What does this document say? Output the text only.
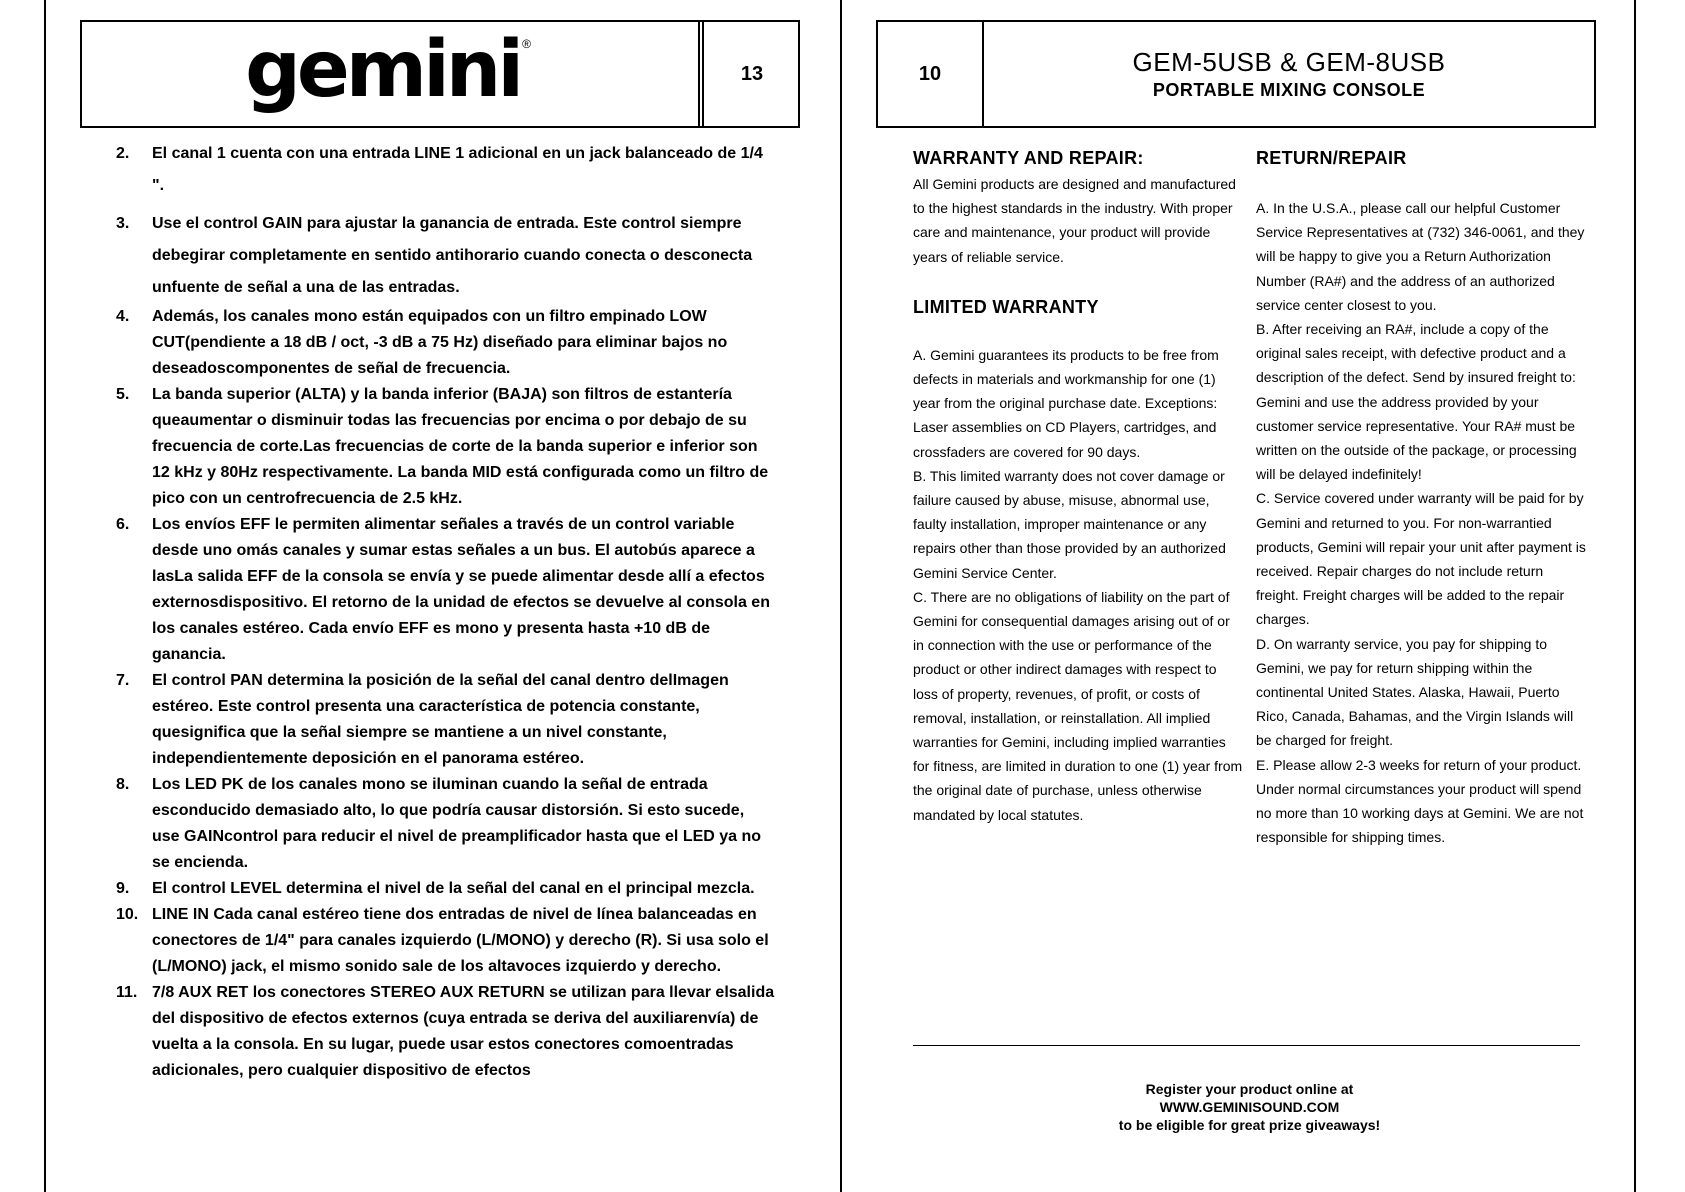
gemini ®
13
2. El canal 1 cuenta con una entrada LINE 1 adicional en un jack balanceado de 1/4 ".
3. Use el control GAIN para ajustar la ganancia de entrada. Este control siempre debegirar completamente en sentido antihorario cuando conecta o desconecta unfuente de señal a una de las entradas.
4. Además, los canales mono están equipados con un filtro empinado LOW CUT(pendiente a 18 dB / oct, -3 dB a 75 Hz) diseñado para eliminar bajos no deseadoscomponentes de señal de frecuencia.
5. La banda superior (ALTA) y la banda inferior (BAJA) son filtros de estantería queaumentar o disminuir todas las frecuencias por encima o por debajo de su frecuencia de corte.Las frecuencias de corte de la banda superior e inferior son 12 kHz y 80Hz respectivamente. La banda MID está configurada como un filtro de pico con un centrofrecuencia de 2.5 kHz.
6. Los envíos EFF le permiten alimentar señales a través de un control variable desde uno omás canales y sumar estas señales a un bus. El autobús aparece a lasLa salida EFF de la consola se envía y se puede alimentar desde allí a efectos externosdispositivo. El retorno de la unidad de efectos se devuelve al consola en los canales estéreo. Cada envío EFF es mono y presenta hasta +10 dB de ganancia.
7. El control PAN determina la posición de la señal del canal dentro delImagen estéreo. Este control presenta una característica de potencia constante, quesignifica que la señal siempre se mantiene a un nivel constante, independientemente deposición en el panorama estéreo.
8. Los LED PK de los canales mono se iluminan cuando la señal de entrada esconducido demasiado alto, lo que podría causar distorsión. Si esto sucede, use GAINcontrol para reducir el nivel de preamplificador hasta que el LED ya no se encienda.
9. El control LEVEL determina el nivel de la señal del canal en el principal mezcla.
10. LINE IN Cada canal estéreo tiene dos entradas de nivel de línea balanceadas en conectores de 1/4" para canales izquierdo (L/MONO) y derecho (R). Si usa solo el (L/MONO) jack, el mismo sonido sale de los altavoces izquierdo y derecho.
11. 7/8 AUX RET los conectores STEREO AUX RETURN se utilizan para llevar elsalida del dispositivo de efectos externos (cuya entrada se deriva del auxiliarenvía) de vuelta a la consola. En su lugar, puede usar estos conectores comoentradas adicionales, pero cualquier dispositivo de efectos
10	GEM-5USB & GEM-8USB
PORTABLE MIXING CONSOLE
WARRANTY AND REPAIR:

All Gemini products are designed and manufactured to the highest standards in the industry. With proper care and maintenance, your product will provide years of reliable service.

LIMITED WARRANTY

A. Gemini guarantees its products to be free from defects in materials and workmanship for one (1) year from the original purchase date. Exceptions: Laser assemblies on CD Players, cartridges, and crossfaders are covered for 90 days.

B. This limited warranty does not cover damage or failure caused by abuse, misuse, abnormal use, faulty installation, improper maintenance or any repairs other than those provided by an authorized Gemini Service Center.

C. There are no obligations of liability on the part of Gemini for consequential damages arising out of or in connection with the use or performance of the product or other indirect damages with respect to loss of property, revenues, of profit, or costs of removal, installation, or reinstallation. All implied warranties for Gemini, including implied warranties for fitness, are limited in duration to one (1) year from the original date of purchase, unless otherwise mandated by local statutes.

RETURN/REPAIR

A. In the U.S.A., please call our helpful Customer Service Representatives at (732) 346-0061, and they will be happy to give you a Return Authorization Number (RA#) and the address of an authorized service center closest to you.

B. After receiving an RA#, include a copy of the original sales receipt, with defective product and a description of the defect. Send by insured freight to: Gemini and use the address provided by your customer service representative. Your RA# must be written on the outside of the package, or processing will be delayed indefinitely!

C. Service covered under warranty will be paid for by Gemini and returned to you. For non-warrantied products, Gemini will repair your unit after payment is received. Repair charges do not include return freight. Freight charges will be added to the repair charges.

D. On warranty service, you pay for shipping to Gemini, we pay for return shipping within the continental United States. Alaska, Hawaii, Puerto Rico, Canada, Bahamas, and the Virgin Islands will be charged for freight.

E. Please allow 2-3 weeks for return of your product.

Under normal circumstances your product will spend no more than 10 working days at Gemini. We are not responsible for shipping times.

Register your product online at
WWW.GEMINISOUND.COM
to be eligible for great prize giveaways!
